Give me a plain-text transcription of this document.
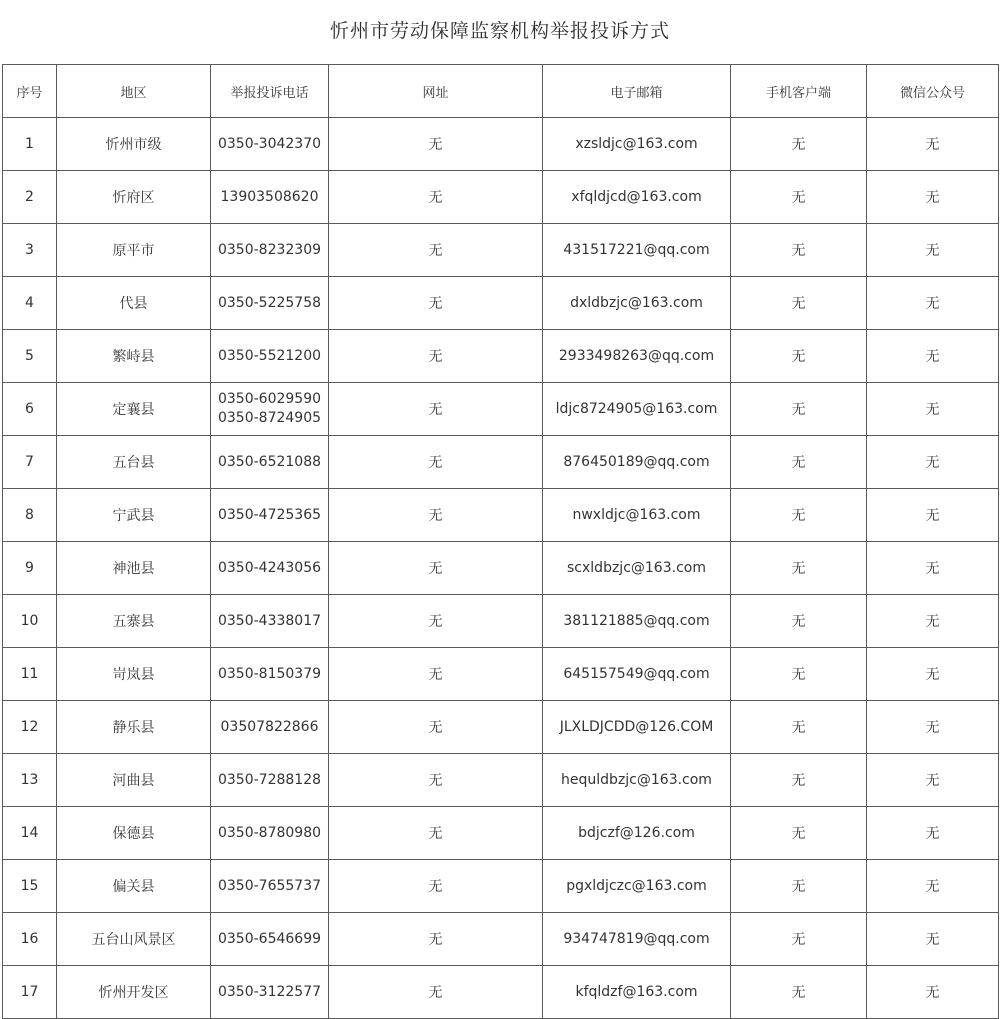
忻州市劳动保障监察机构举报投诉方式
序号	地区	举报投诉电话	网址	电子邮箱	手机客户端	微信公众号
1	忻州市级	0350-3042370	无	xzsldjc@163.com	无	无
2	忻府区	13903508620	无	xfqldjcd@163.com	无	无
3	原平市	0350-8232309	无	431517221@qq.com	无	无
4	代县	0350-5225758	无	dxldbzjc@163.com	无	无
5	繁峙县	0350-5521200	无	2933498263@qq.com	无	无
6	定襄县	0350-6029590
0350-8724905	无	ldjc8724905@163.com	无	无
7	五台县	0350-6521088	无	876450189@qq.com	无	无
8	宁武县	0350-4725365	无	nwxldjc@163.com	无	无
9	神池县	0350-4243056	无	scxldbzjc@163.com	无	无
10	五寨县	0350-4338017	无	381121885@qq.com	无	无
11	岢岚县	0350-8150379	无	645157549@qq.com	无	无
12	静乐县	03507822866	无	JLXLDJCDD@126.COM	无	无
13	河曲县	0350-7288128	无	hequldbzjc@163.com	无	无
14	保德县	0350-8780980	无	bdjczf@126.com	无	无
15	偏关县	0350-7655737	无	pgxldjczc@163.com	无	无
16	五台山风景区	0350-6546699	无	934747819@qq.com	无	无
17	忻州开发区	0350-3122577	无	kfqldzf@163.com	无	无
